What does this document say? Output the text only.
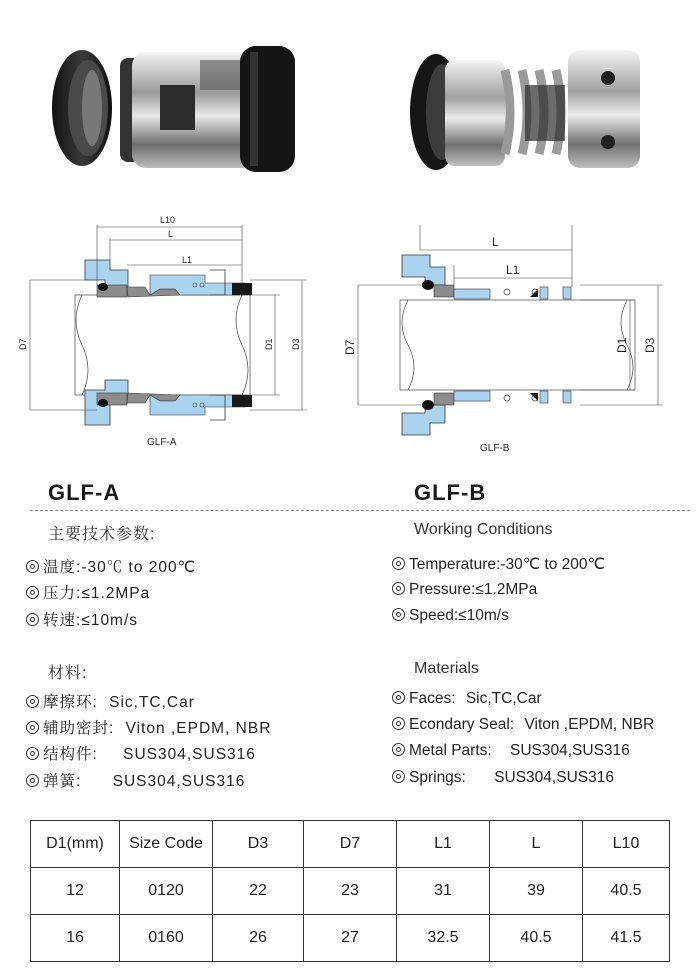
L10
L
L1
D7	D1 D3
GLF-A
L
L1
D7	D1 D3
GLF-B
GLF-A	GLF-B
主要技术参数:
温度:-30℃ to 200℃
压力:≤1.2MPa
转速:≤10m/s
材料:
摩擦环: Sic,TC,Car
辅助密封: Viton ,EPDM, NBR
结构件: SUS304,SUS316
弹簧: SUS304,SUS316
Working Conditions
Temperature:-30℃ to 200℃
Pressure:≤1.2MPa
Speed:≤10m/s
Materials
Faces: Sic,TC,Car
Econdary Seal: Viton ,EPDM, NBR
Metal Parts: SUS304,SUS316
Springs: SUS304,SUS316
D1(mm)	Size Code	D3	D7	L1	L	L10
12	0120	22	23	31	39	40.5
16	0160	26	27	32.5	40.5	41.5
